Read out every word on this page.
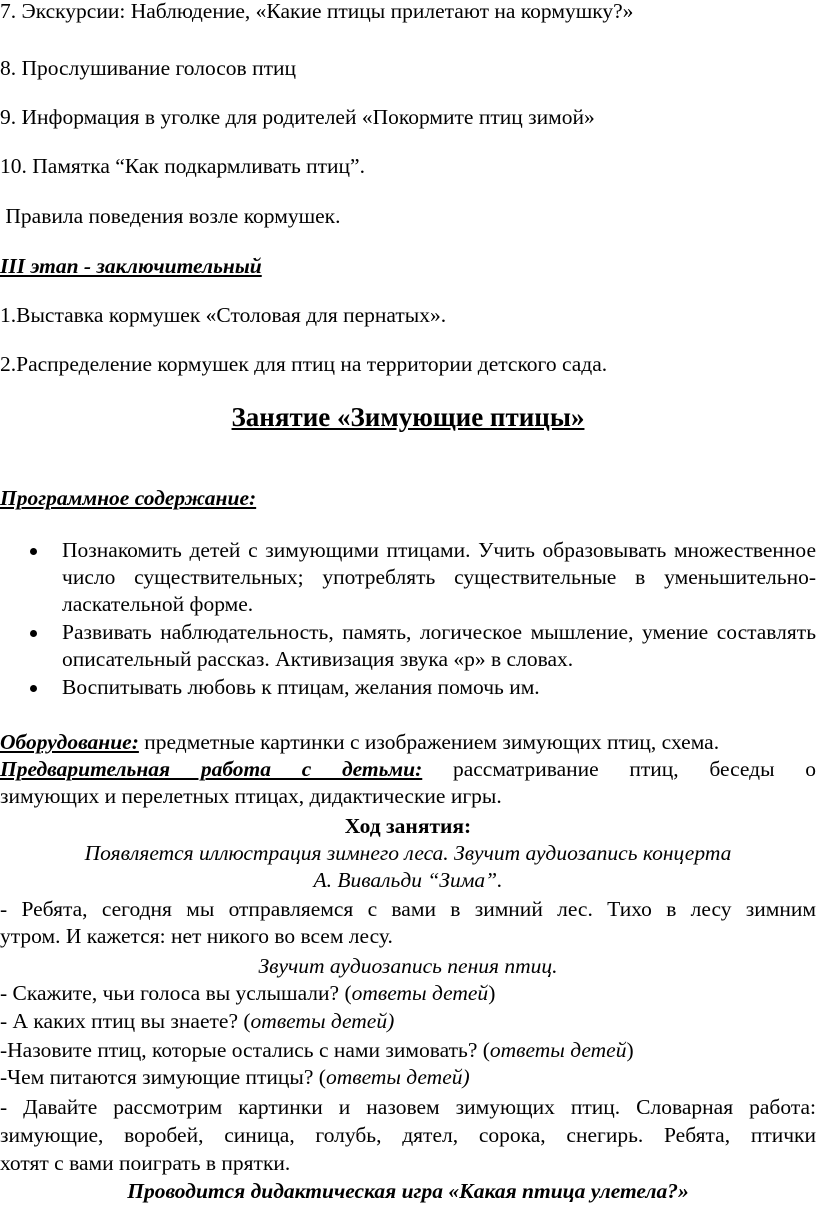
7. Экскурсии: Наблюдение, «Какие птицы прилетают на кормушку?»
8. Прослушивание голосов птиц
9. Информация в уголке для родителей «Покормите птиц зимой»
10. Памятка “Как подкармливать птиц”.
Правила поведения возле кормушек.
III этап - заключительный
1.Выставка кормушек «Столовая для пернатых».
2.Распределение кормушек для птиц на территории детского сада.
Занятие «Зимующие птицы»
Программное содержание:
Познакомить детей с зимующими птицами. Учить образовывать множественное число существительных; употреблять существительные в уменьшительно-ласкательной форме.
Развивать наблюдательность, память, логическое мышление, умение составлять описательный рассказ. Активизация звука «р» в словах.
Воспитывать любовь к птицам, желания помочь им.
Оборудование: предметные картинки с изображением зимующих птиц, схема.
Предварительная работа с детьми: рассматривание птиц, беседы о
зимующих и перелетных птицах, дидактические игры.
Ход занятия:
Появляется иллюстрация зимнего леса. Звучит аудиозапись концерта
А. Вивальди “Зима”.
- Ребята, сегодня мы отправляемся с вами в зимний лес. Тихо в лесу зимним
утром. И кажется: нет никого во всем лесу.
Звучит аудиозапись пения птиц.
- Скажите, чьи голоса вы услышали? (ответы детей)
- А каких птиц вы знаете? (ответы детей)
-Назовите птиц, которые остались с нами зимовать? (ответы детей)
-Чем питаются зимующие птицы? (ответы детей)
- Давайте рассмотрим картинки и назовем зимующих птиц. Словарная работа:
зимующие, воробей, синица, голубь, дятел, сорока, снегирь. Ребята, птички
хотят с вами поиграть в прятки.
Проводится дидактическая игра «Какая птица улетела?»
